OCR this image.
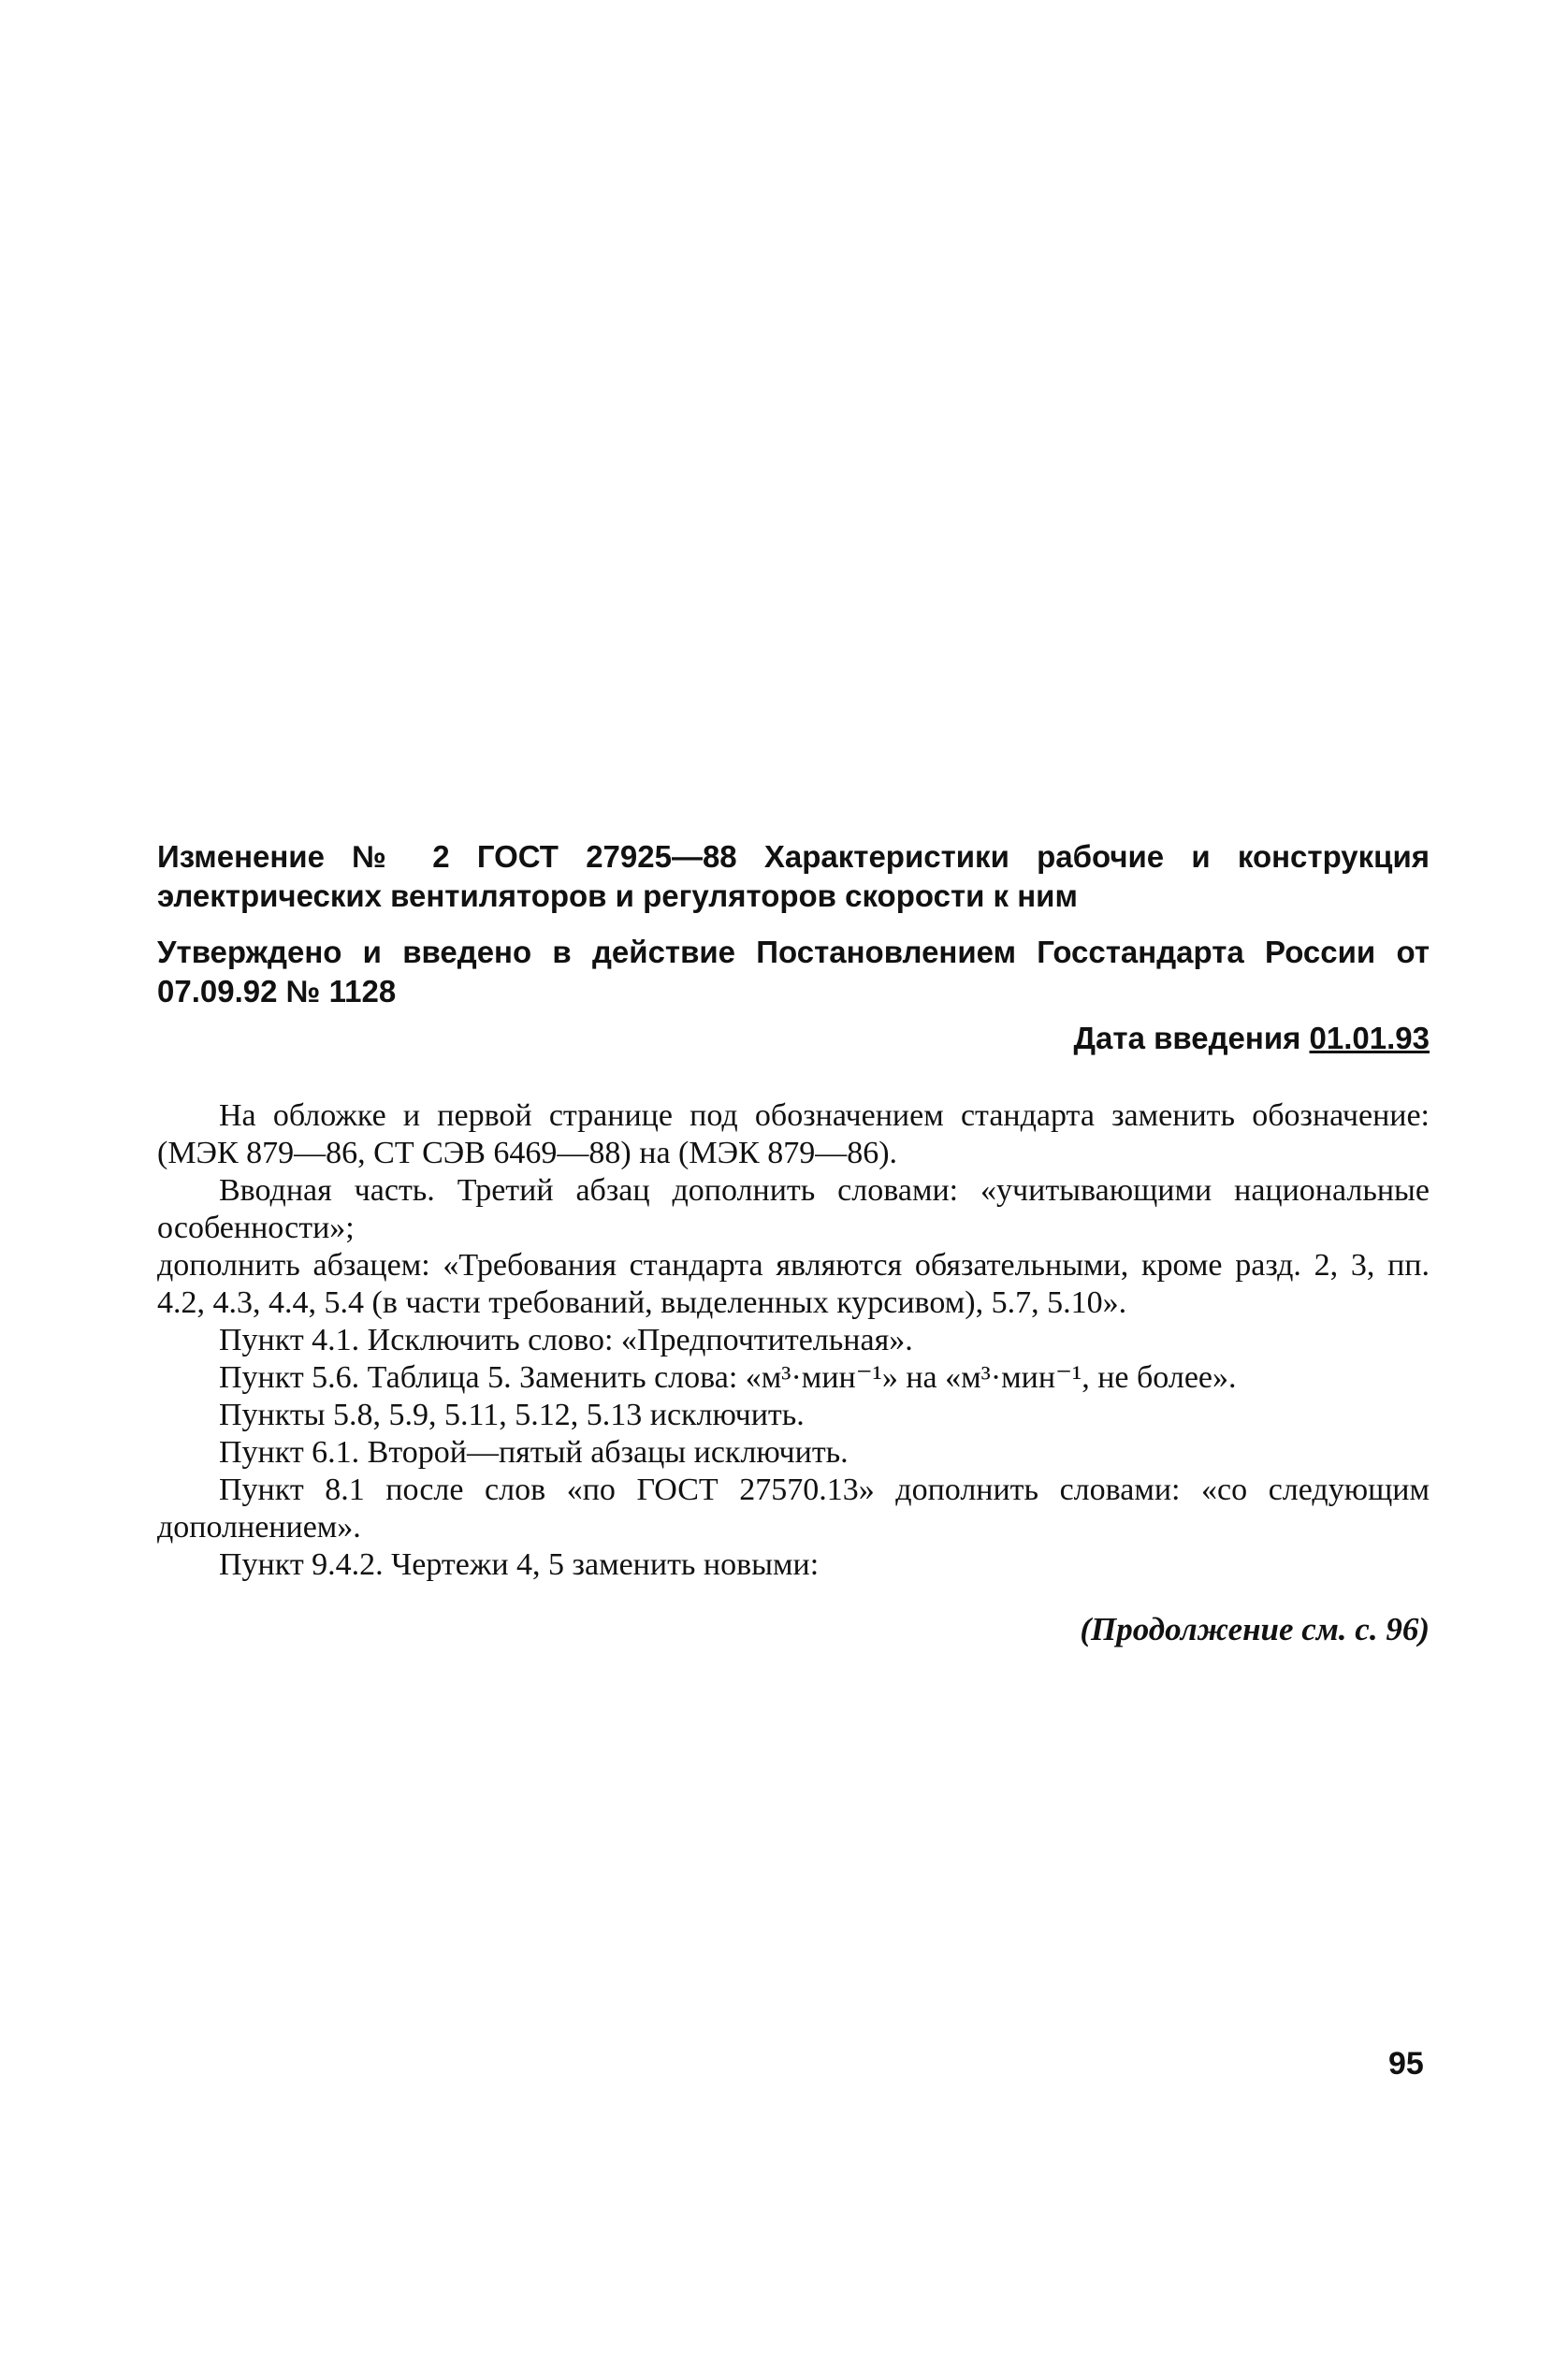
Изменение № 2 ГОСТ 27925—88 Характеристики рабочие и конструкция электрических вентиляторов и регуляторов скорости к ним

Утверждено и введено в действие Постановлением Госстандарта России от 07.09.92 № 1128

Дата введения 01.01.93

На обложке и первой странице под обозначением стандарта заменить обозначение: (МЭК 879—86, СТ СЭВ 6469—88) на (МЭК 879—86).

Вводная часть. Третий абзац дополнить словами: «учитывающими национальные особенности»;

дополнить абзацем: «Требования стандарта являются обязательными, кроме разд. 2, 3, пп. 4.2, 4.3, 4.4, 5.4 (в части требований, выделенных курсивом), 5.7, 5.10».

Пункт 4.1. Исключить слово: «Предпочтительная».

Пункт 5.6. Таблица 5. Заменить слова: «м³·мин⁻¹» на «м³·мин⁻¹, не более».

Пункты 5.8, 5.9, 5.11, 5.12, 5.13 исключить.

Пункт 6.1. Второй—пятый абзацы исключить.

Пункт 8.1 после слов «по ГОСТ 27570.13» дополнить словами: «со следующим дополнением».

Пункт 9.4.2. Чертежи 4, 5 заменить новыми:

(Продолжение см. с. 96)
95
